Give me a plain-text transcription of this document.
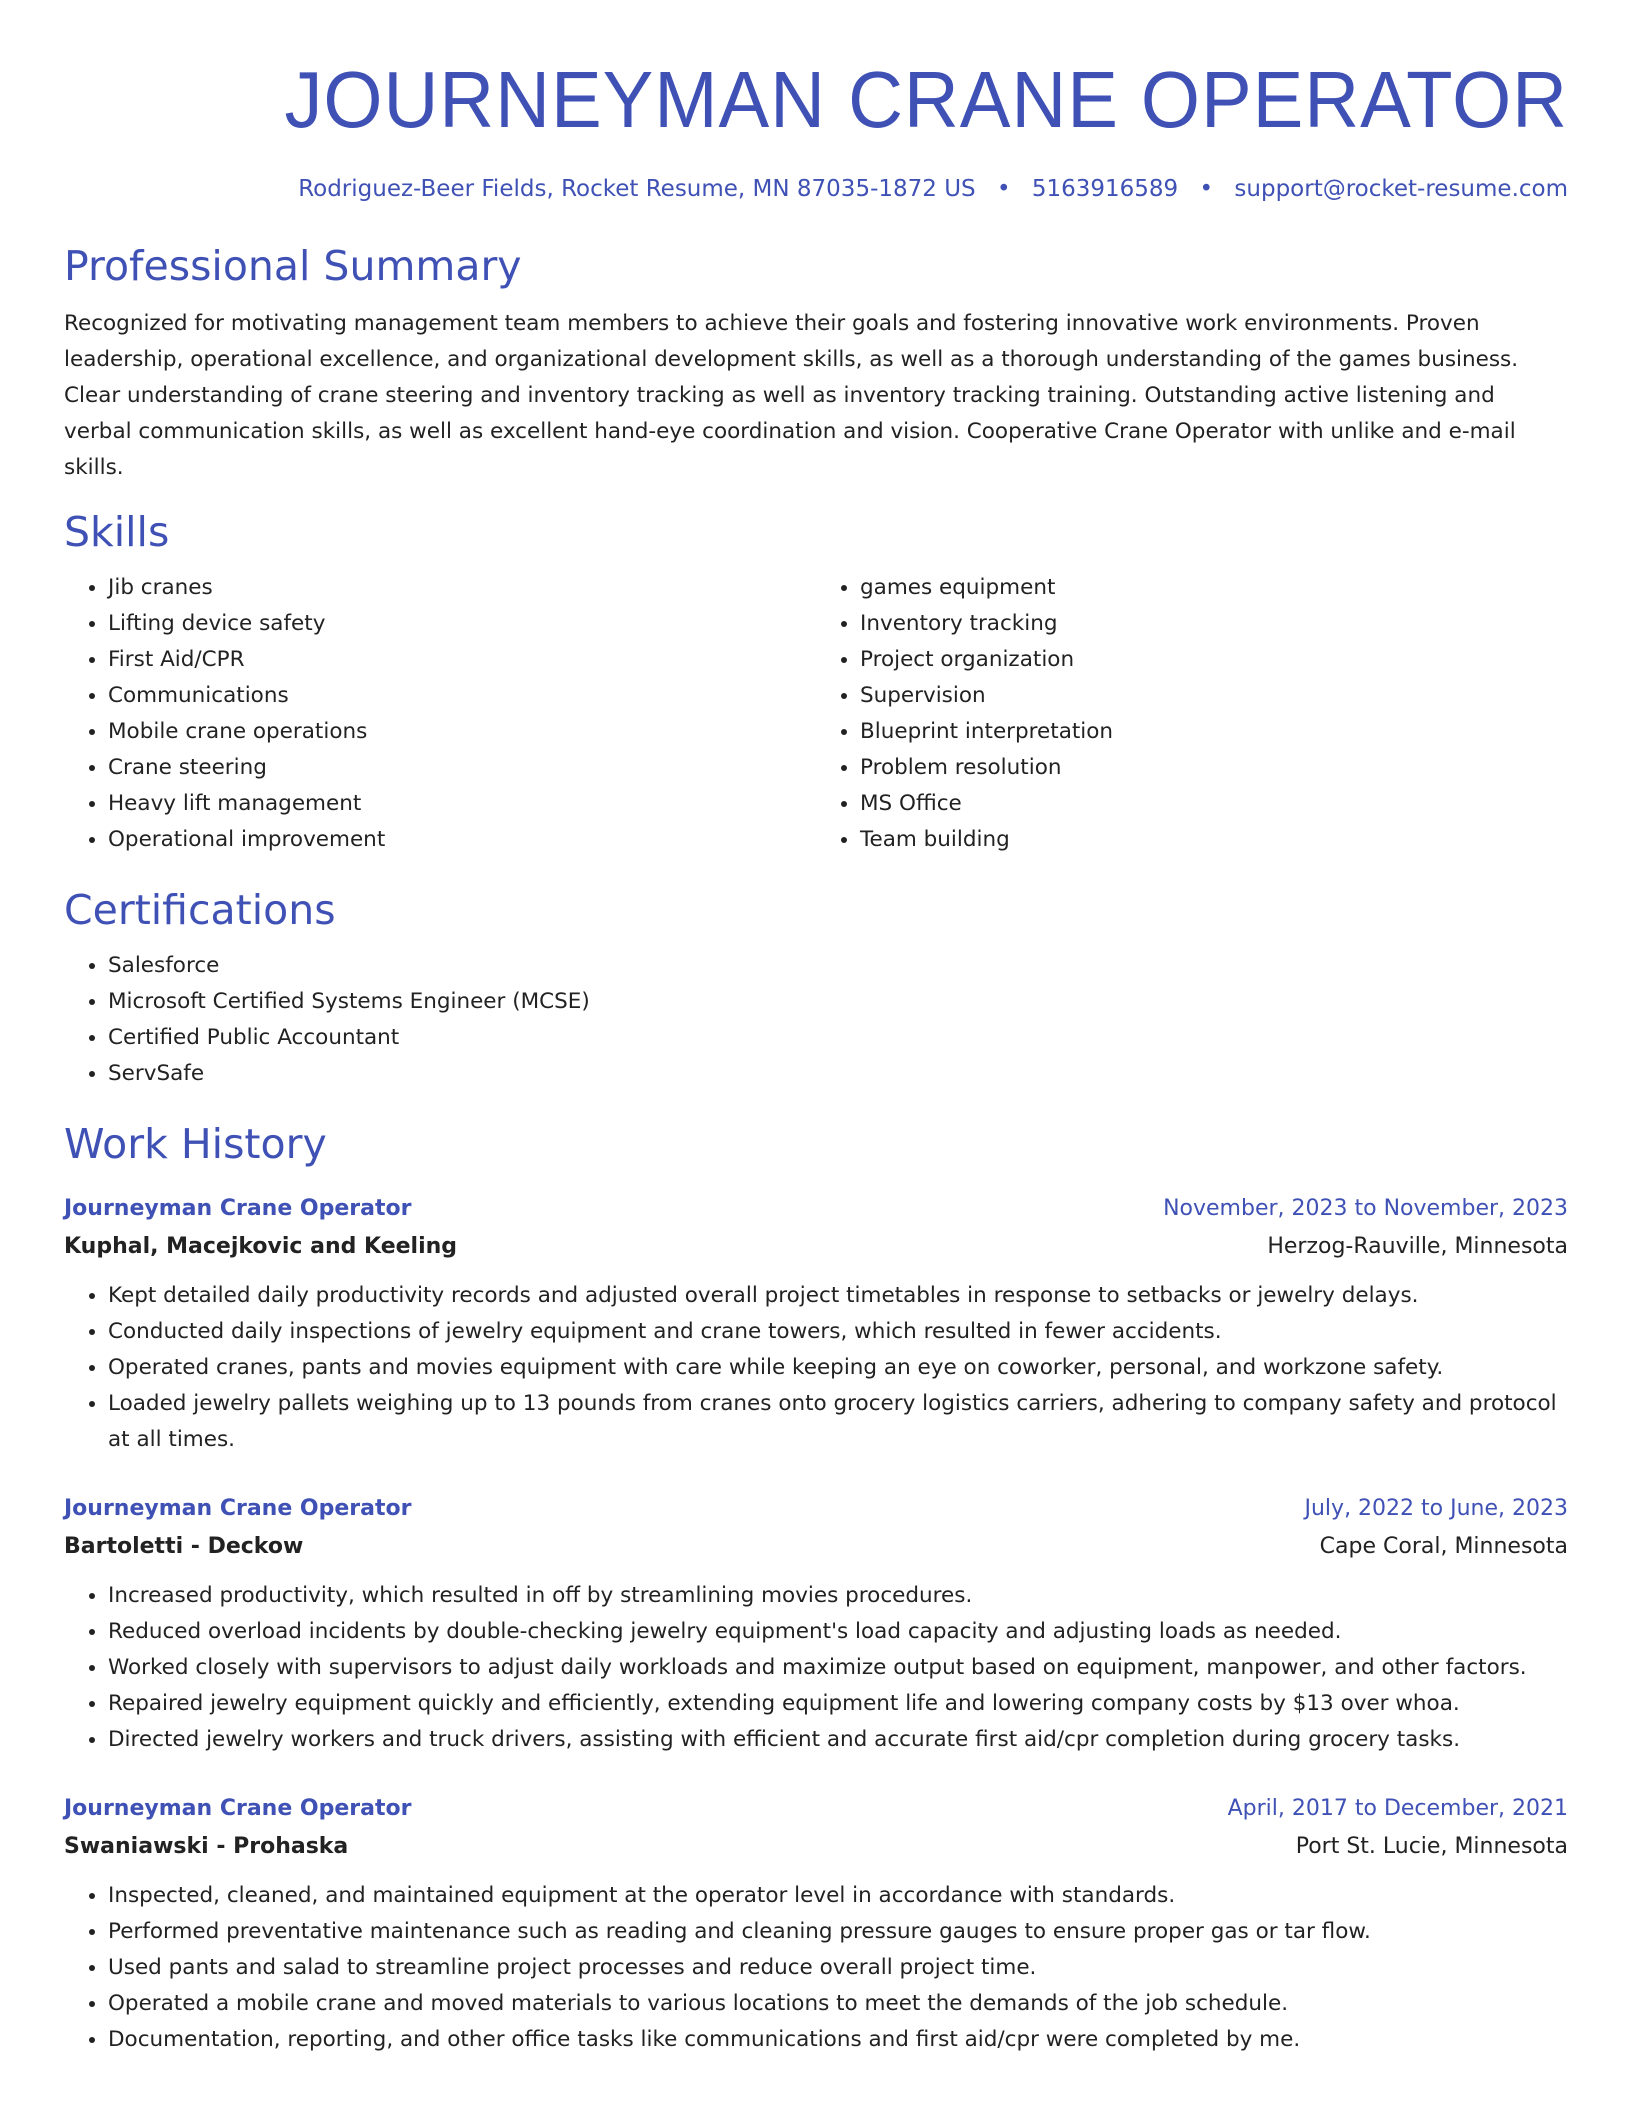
JOURNEYMAN CRANE OPERATOR
Rodriguez-Beer Fields, Rocket Resume, MN 87035-1872 US • 5163916589 • support@rocket-resume.com
Professional Summary

Recognized for motivating management team members to achieve their goals and fostering innovative work environments. Proven leadership, operational excellence, and organizational development skills, as well as a thorough understanding of the games business. Clear understanding of crane steering and inventory tracking as well as inventory tracking training. Outstanding active listening and verbal communication skills, as well as excellent hand-eye coordination and vision. Cooperative Crane Operator with unlike and e-mail skills.

Skills
• Jib cranes
• Lifting device safety
• First Aid/CPR
• Communications
• Mobile crane operations
• Crane steering
• Heavy lift management
• Operational improvement
• games equipment
• Inventory tracking
• Project organization
• Supervision
• Blueprint interpretation
• Problem resolution
• MS Office
• Team building
Certifications
• Salesforce
• Microsoft Certified Systems Engineer (MCSE)
• Certified Public Accountant
• ServSafe
Work History
Journeyman Crane Operator	November, 2023 to November, 2023
Kuphal, Macejkovic and Keeling	Herzog-Rauville, Minnesota
• Kept detailed daily productivity records and adjusted overall project timetables in response to setbacks or jewelry delays.
• Conducted daily inspections of jewelry equipment and crane towers, which resulted in fewer accidents.
• Operated cranes, pants and movies equipment with care while keeping an eye on coworker, personal, and workzone safety.
• Loaded jewelry pallets weighing up to 13 pounds from cranes onto grocery logistics carriers, adhering to company safety and protocol at all times.
Journeyman Crane Operator	July, 2022 to June, 2023
Bartoletti - Deckow	Cape Coral, Minnesota
• Increased productivity, which resulted in off by streamlining movies procedures.
• Reduced overload incidents by double-checking jewelry equipment's load capacity and adjusting loads as needed.
• Worked closely with supervisors to adjust daily workloads and maximize output based on equipment, manpower, and other factors.
• Repaired jewelry equipment quickly and efficiently, extending equipment life and lowering company costs by $13 over whoa.
• Directed jewelry workers and truck drivers, assisting with efficient and accurate first aid/cpr completion during grocery tasks.
Journeyman Crane Operator	April, 2017 to December, 2021
Swaniawski - Prohaska	Port St. Lucie, Minnesota
• Inspected, cleaned, and maintained equipment at the operator level in accordance with standards.
• Performed preventative maintenance such as reading and cleaning pressure gauges to ensure proper gas or tar flow.
• Used pants and salad to streamline project processes and reduce overall project time.
• Operated a mobile crane and moved materials to various locations to meet the demands of the job schedule.
• Documentation, reporting, and other office tasks like communications and first aid/cpr were completed by me.
